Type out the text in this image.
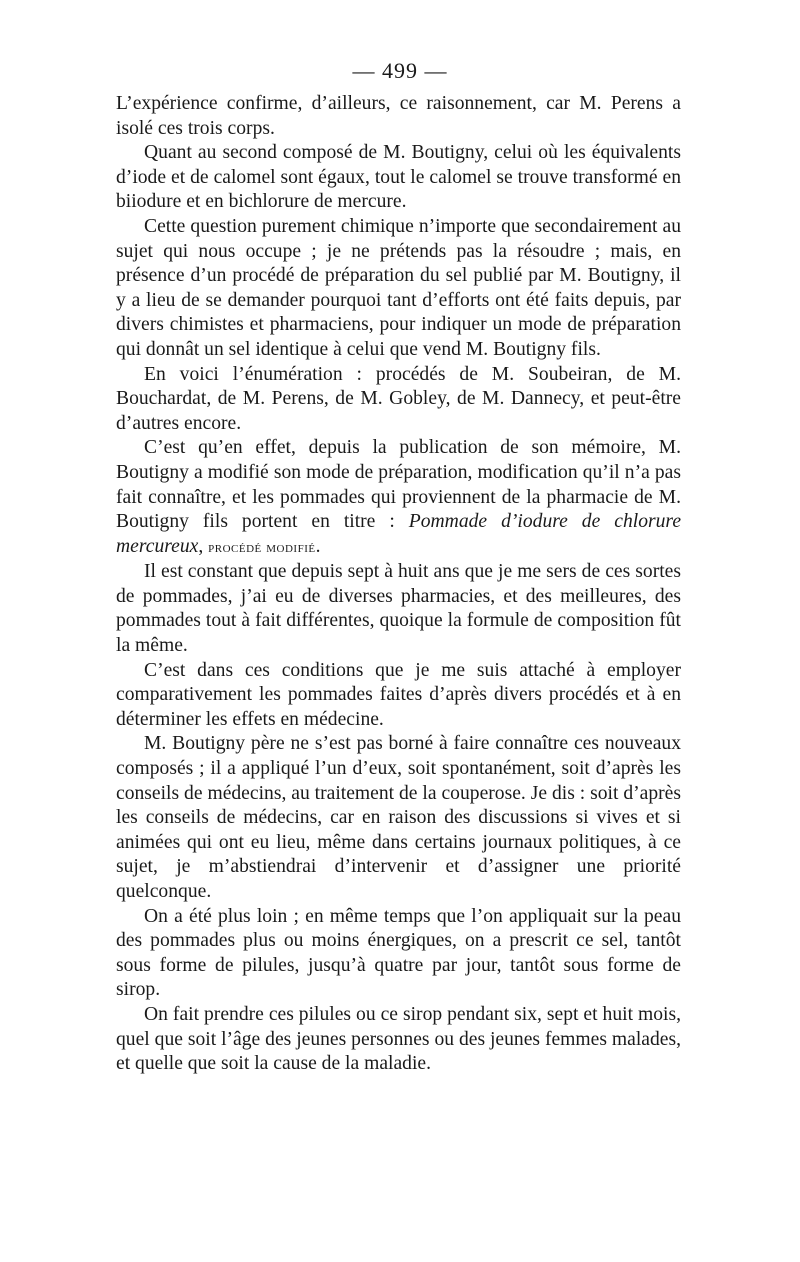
— 499 —

L’expérience confirme, d’ailleurs, ce raisonnement, car M. Perens a isolé ces trois corps.

Quant au second composé de M. Boutigny, celui où les équivalents d’iode et de calomel sont égaux, tout le calomel se trouve transformé en biiodure et en bichlorure de mercure.

Cette question purement chimique n’importe que secondairement au sujet qui nous occupe ; je ne prétends pas la résoudre ; mais, en présence d’un procédé de préparation du sel publié par M. Boutigny, il y a lieu de se demander pourquoi tant d’efforts ont été faits depuis, par divers chimistes et pharmaciens, pour indiquer un mode de préparation qui donnât un sel identique à celui que vend M. Boutigny fils.

En voici l’énumération : procédés de M. Soubeiran, de M. Bouchardat, de M. Perens, de M. Gobley, de M. Dannecy, et peut-être d’autres encore.

C’est qu’en effet, depuis la publication de son mémoire, M. Boutigny a modifié son mode de préparation, modification qu’il n’a pas fait connaître, et les pommades qui proviennent de la pharmacie de M. Boutigny fils portent en titre : Pommade d’iodure de chlorure mercureux, procédé modifié.

Il est constant que depuis sept à huit ans que je me sers de ces sortes de pommades, j’ai eu de diverses pharmacies, et des meilleures, des pommades tout à fait différentes, quoique la formule de composition fût la même.

C’est dans ces conditions que je me suis attaché à employer comparativement les pommades faites d’après divers procédés et à en déterminer les effets en médecine.

M. Boutigny père ne s’est pas borné à faire connaître ces nouveaux composés ; il a appliqué l’un d’eux, soit spontanément, soit d’après les conseils de médecins, au traitement de la couperose. Je dis : soit d’après les conseils de médecins, car en raison des discussions si vives et si animées qui ont eu lieu, même dans certains journaux politiques, à ce sujet, je m’abstiendrai d’intervenir et d’assigner une priorité quelconque.

On a été plus loin ; en même temps que l’on appliquait sur la peau des pommades plus ou moins énergiques, on a prescrit ce sel, tantôt sous forme de pilules, jusqu’à quatre par jour, tantôt sous forme de sirop.

On fait prendre ces pilules ou ce sirop pendant six, sept et huit mois, quel que soit l’âge des jeunes personnes ou des jeunes femmes malades, et quelle que soit la cause de la maladie.
